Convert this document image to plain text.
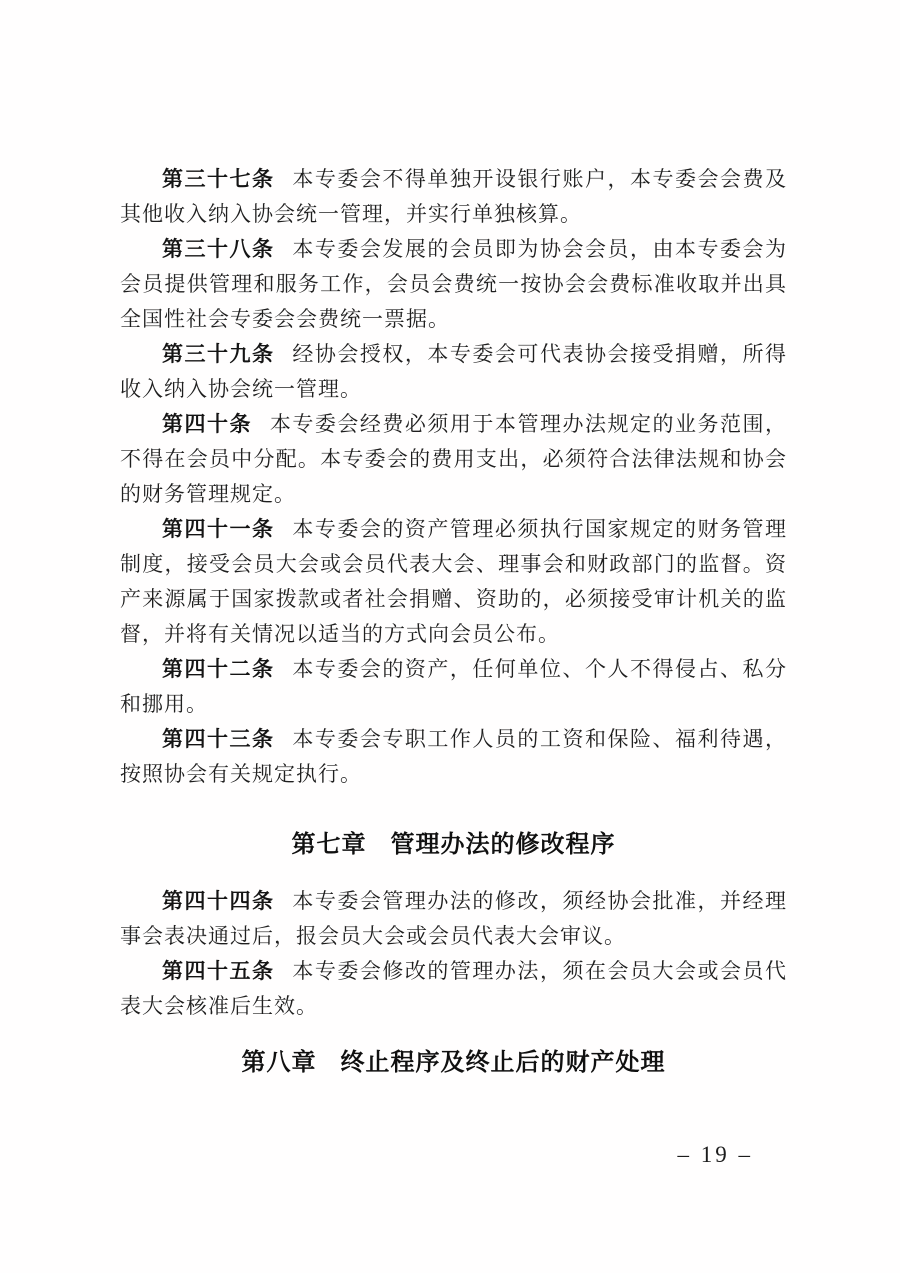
第三十七条 本专委会不得单独开设银行账户，本专委会会费及其他收入纳入协会统一管理，并实行单独核算。

第三十八条 本专委会发展的会员即为协会会员，由本专委会为会员提供管理和服务工作，会员会费统一按协会会费标准收取并出具全国性社会专委会会费统一票据。

第三十九条 经协会授权，本专委会可代表协会接受捐赠，所得收入纳入协会统一管理。

第四十条 本专委会经费必须用于本管理办法规定的业务范围，不得在会员中分配。本专委会的费用支出，必须符合法律法规和协会的财务管理规定。

第四十一条 本专委会的资产管理必须执行国家规定的财务管理制度，接受会员大会或会员代表大会、理事会和财政部门的监督。资产来源属于国家拨款或者社会捐赠、资助的，必须接受审计机关的监督，并将有关情况以适当的方式向会员公布。

第四十二条 本专委会的资产，任何单位、个人不得侵占、私分和挪用。

第四十三条 本专委会专职工作人员的工资和保险、福利待遇，按照协会有关规定执行。

第七章 管理办法的修改程序

第四十四条 本专委会管理办法的修改，须经协会批准，并经理事会表决通过后，报会员大会或会员代表大会审议。

第四十五条 本专委会修改的管理办法，须在会员大会或会员代表大会核准后生效。

第八章 终止程序及终止后的财产处理
– 19 –
